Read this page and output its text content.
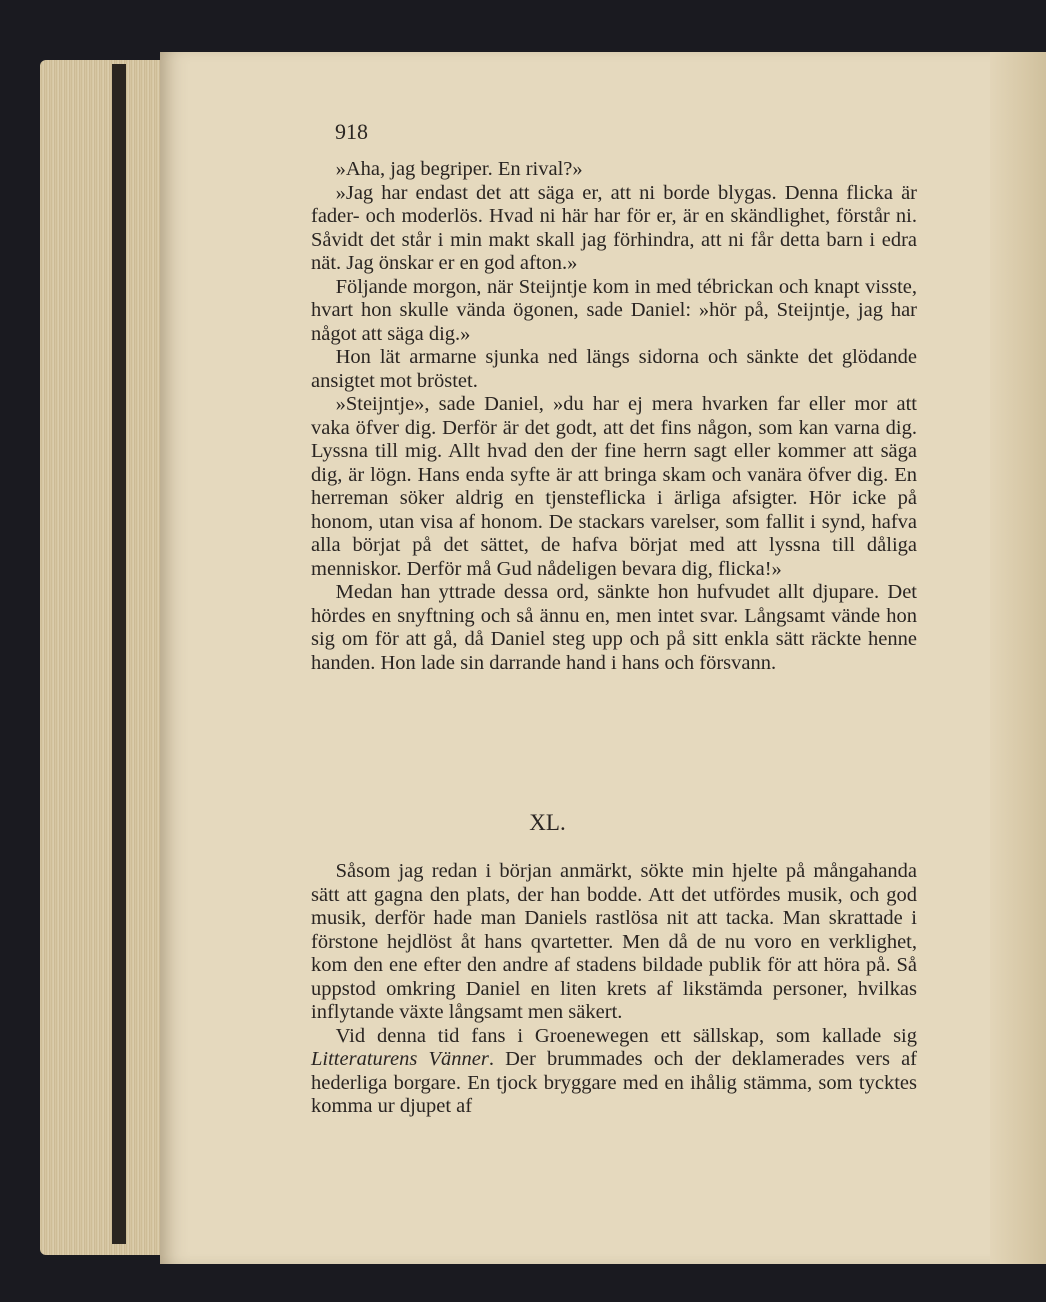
918

»Aha, jag begriper. En rival?»

»Jag har endast det att säga er, att ni borde blygas. Denna flicka är fader- och moderlös. Hvad ni här har för er, är en skändlighet, förstår ni. Såvidt det står i min makt skall jag förhindra, att ni får detta barn i edra nät. Jag önskar er en god afton.»

Följande morgon, när Steijntje kom in med tébrickan och knapt visste, hvart hon skulle vända ögonen, sade Daniel: »hör på, Steijntje, jag har något att säga dig.»

Hon lät armarne sjunka ned längs sidorna och sänkte det glödande ansigtet mot bröstet.

»Steijntje», sade Daniel, »du har ej mera hvarken far eller mor att vaka öfver dig. Derför är det godt, att det fins någon, som kan varna dig. Lyssna till mig. Allt hvad den der fine herrn sagt eller kommer att säga dig, är lögn. Hans enda syfte är att bringa skam och vanära öfver dig. En herreman söker aldrig en tjensteflicka i ärliga afsigter. Hör icke på honom, utan visa af honom. De stackars varelser, som fallit i synd, hafva alla börjat på det sättet, de hafva börjat med att lyssna till dåliga menniskor. Derför må Gud nådeligen bevara dig, flicka!»

Medan han yttrade dessa ord, sänkte hon hufvudet allt djupare. Det hördes en snyftning och så ännu en, men intet svar. Långsamt vände hon sig om för att gå, då Daniel steg upp och på sitt enkla sätt räckte henne handen. Hon lade sin darrande hand i hans och försvann.

XL.

Såsom jag redan i början anmärkt, sökte min hjelte på mångahanda sätt att gagna den plats, der han bodde. Att det utfördes musik, och god musik, derför hade man Daniels rastlösa nit att tacka. Man skrattade i förstone hejdlöst åt hans qvartetter. Men då de nu voro en verklighet, kom den ene efter den andre af stadens bildade publik för att höra på. Så uppstod omkring Daniel en liten krets af likstämda personer, hvilkas inflytande växte långsamt men säkert.

Vid denna tid fans i Groenewegen ett sällskap, som kallade sig Litteraturens Vänner. Der brummades och der deklamerades vers af hederliga borgare. En tjock bryggare med en ihålig stämma, som tycktes komma ur djupet af
